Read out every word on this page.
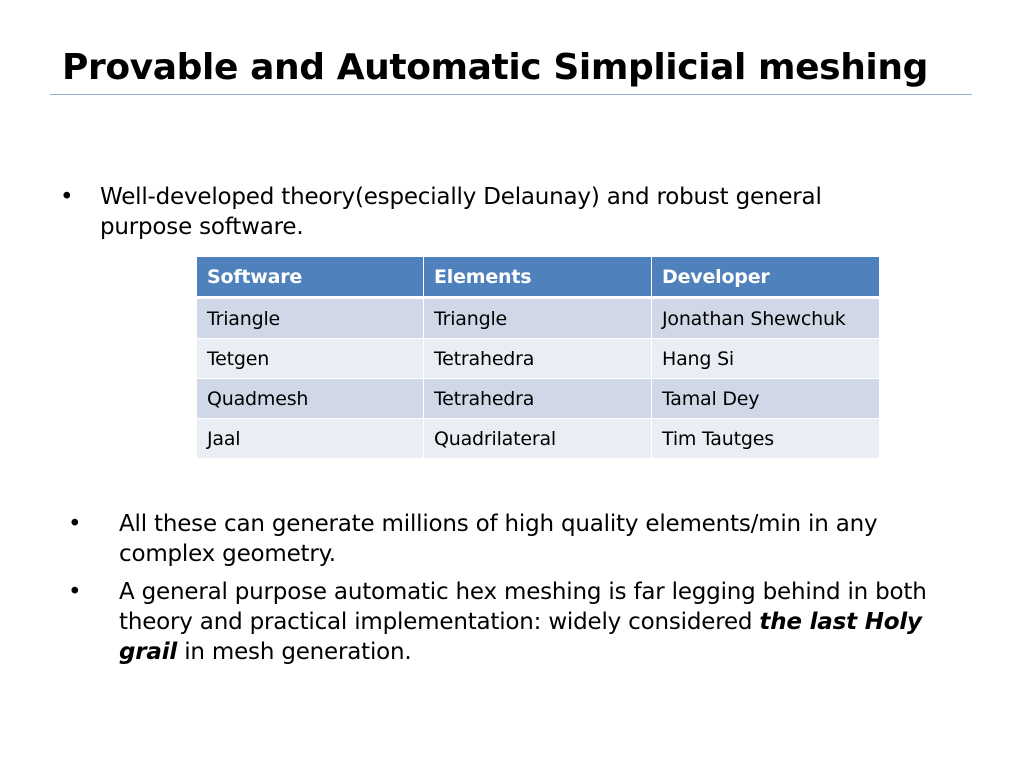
Provable and Automatic Simplicial meshing
• Well-developed theory(especially Delaunay) and robust general purpose software.
Software	Elements	Developer
Triangle	Triangle	Jonathan Shewchuk
Tetgen	Tetrahedra	Hang Si
Quadmesh	Tetrahedra	Tamal Dey
Jaal	Quadrilateral	Tim Tautges
• All these can generate millions of high quality elements/min in any complex geometry.
• A general purpose automatic hex meshing is far legging behind in both theory and practical implementation: widely considered the last Holy grail in mesh generation.
